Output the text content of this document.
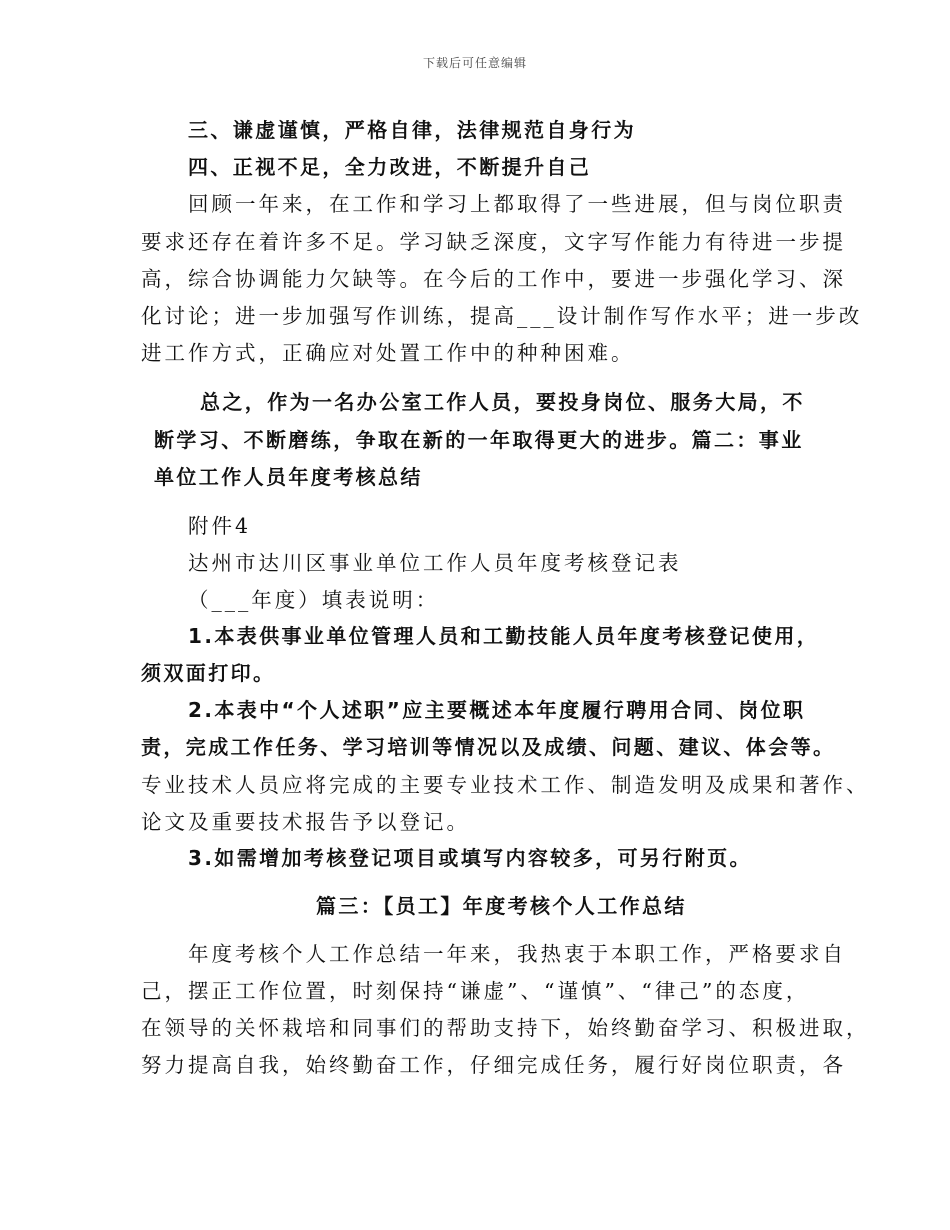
下载后可任意编辑
三、谦虚谨慎，严格自律，法律规范自身行为
四、正视不足，全力改进，不断提升自己
回顾一年来，在工作和学习上都取得了一些进展，但与岗位职责
要求还存在着许多不足。学习缺乏深度，文字写作能力有待进一步提
高，综合协调能力欠缺等。在今后的工作中，要进一步强化学习、深
化讨论；进一步加强写作训练，提高___设计制作写作水平；进一步改
进工作方式，正确应对处置工作中的种种困难。
总之，作为一名办公室工作人员，要投身岗位、服务大局，不
断学习、不断磨练，争取在新的一年取得更大的进步。篇二：事业
单位工作人员年度考核总结
附件4
达州市达川区事业单位工作人员年度考核登记表
（___年度）填表说明：
1.本表供事业单位管理人员和工勤技能人员年度考核登记使用，
须双面打印。
2.本表中“个人述职”应主要概述本年度履行聘用合同、岗位职
责，完成工作任务、学习培训等情况以及成绩、问题、建议、体会等。
专业技术人员应将完成的主要专业技术工作、制造发明及成果和著作、
论文及重要技术报告予以登记。
3.如需增加考核登记项目或填写内容较多，可另行附页。
篇三：【员工】年度考核个人工作总结
年度考核个人工作总结一年来，我热衷于本职工作，严格要求自
己，摆正工作位置，时刻保持“谦虚”、“谨慎”、“律己”的态度，
在领导的关怀栽培和同事们的帮助支持下，始终勤奋学习、积极进取，
努力提高自我，始终勤奋工作，仔细完成任务，履行好岗位职责，各
